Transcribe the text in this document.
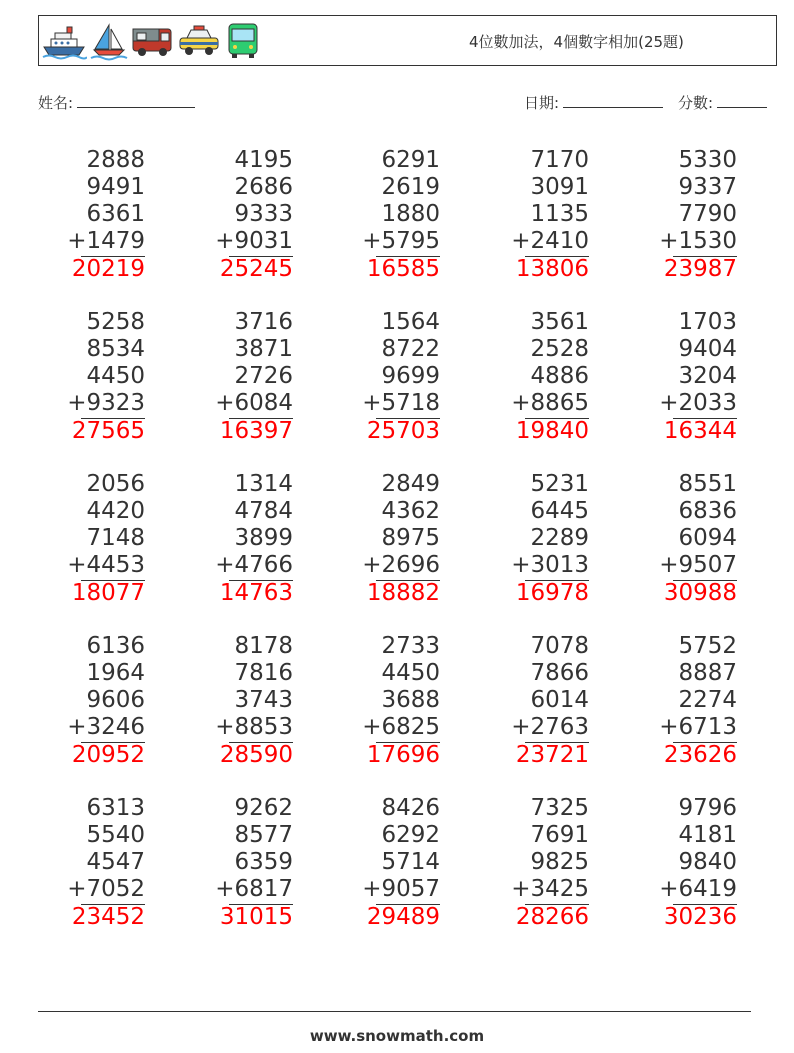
4位數加法，4個數字相加(25題)
姓名:	日期:	分數:
2888
9491
6361
+1479
20219
4195
2686
9333
+9031
25245
6291
2619
1880
+5795
16585
7170
3091
1135
+2410
13806
5330
9337
7790
+1530
23987
5258
8534
4450
+9323
27565
3716
3871
2726
+6084
16397
1564
8722
9699
+5718
25703
3561
2528
4886
+8865
19840
1703
9404
3204
+2033
16344
2056
4420
7148
+4453
18077
1314
4784
3899
+4766
14763
2849
4362
8975
+2696
18882
5231
6445
2289
+3013
16978
8551
6836
6094
+9507
30988
6136
1964
9606
+3246
20952
8178
7816
3743
+8853
28590
2733
4450
3688
+6825
17696
7078
7866
6014
+2763
23721
5752
8887
2274
+6713
23626
6313
5540
4547
+7052
23452
9262
8577
6359
+6817
31015
8426
6292
5714
+9057
29489
7325
7691
9825
+3425
28266
9796
4181
9840
+6419
30236
www.snowmath.com
